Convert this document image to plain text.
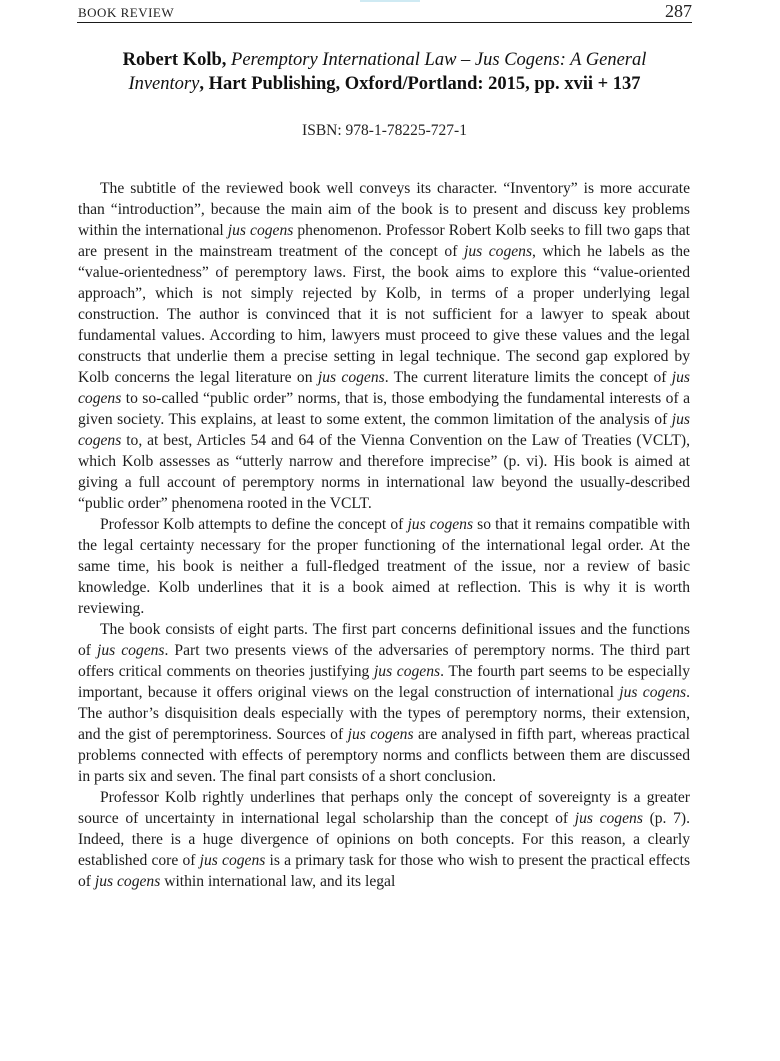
BOOK REVIEW	287
Robert Kolb, Peremptory International Law – Jus Cogens: A General
Inventory, Hart Publishing, Oxford/Portland: 2015, pp. xvii + 137
ISBN: 978-1-78225-727-1

The subtitle of the reviewed book well conveys its character. “Inventory” is more accurate than “introduction”, because the main aim of the book is to present and discuss key problems within the international jus cogens phenomenon. Professor Robert Kolb seeks to fill two gaps that are present in the mainstream treatment of the concept of jus cogens, which he labels as the “value-orientedness” of peremptory laws. First, the book aims to explore this “value-oriented approach”, which is not simply rejected by Kolb, in terms of a proper underlying legal construction. The author is convinced that it is not sufficient for a lawyer to speak about fundamental values. According to him, lawyers must proceed to give these values and the legal constructs that underlie them a precise setting in legal technique. The second gap explored by Kolb concerns the legal literature on jus cogens. The current literature limits the concept of jus cogens to so-called “public order” norms, that is, those embodying the fundamental interests of a given society. This explains, at least to some extent, the common limitation of the analysis of jus cogens to, at best, Articles 54 and 64 of the Vienna Convention on the Law of Treaties (VCLT), which Kolb assesses as “utterly narrow and therefore imprecise” (p. vi). His book is aimed at giving a full account of peremptory norms in international law beyond the usually-described “public order” phenomena rooted in the VCLT.

Professor Kolb attempts to define the concept of jus cogens so that it remains compatible with the legal certainty necessary for the proper functioning of the international legal order. At the same time, his book is neither a full-fledged treatment of the issue, nor a review of basic knowledge. Kolb underlines that it is a book aimed at reflection. This is why it is worth reviewing.

The book consists of eight parts. The first part concerns definitional issues and the functions of jus cogens. Part two presents views of the adversaries of peremptory norms. The third part offers critical comments on theories justifying jus cogens. The fourth part seems to be especially important, because it offers original views on the legal construction of international jus cogens. The author’s disquisition deals especially with the types of peremptory norms, their extension, and the gist of peremptoriness. Sources of jus cogens are analysed in fifth part, whereas practical problems connected with effects of peremptory norms and conflicts between them are discussed in parts six and seven. The final part consists of a short conclusion.

Professor Kolb rightly underlines that perhaps only the concept of sovereignty is a greater source of uncertainty in international legal scholarship than the concept of jus cogens (p. 7). Indeed, there is a huge divergence of opinions on both concepts. For this reason, a clearly established core of jus cogens is a primary task for those who wish to present the practical effects of jus cogens within international law, and its legal
